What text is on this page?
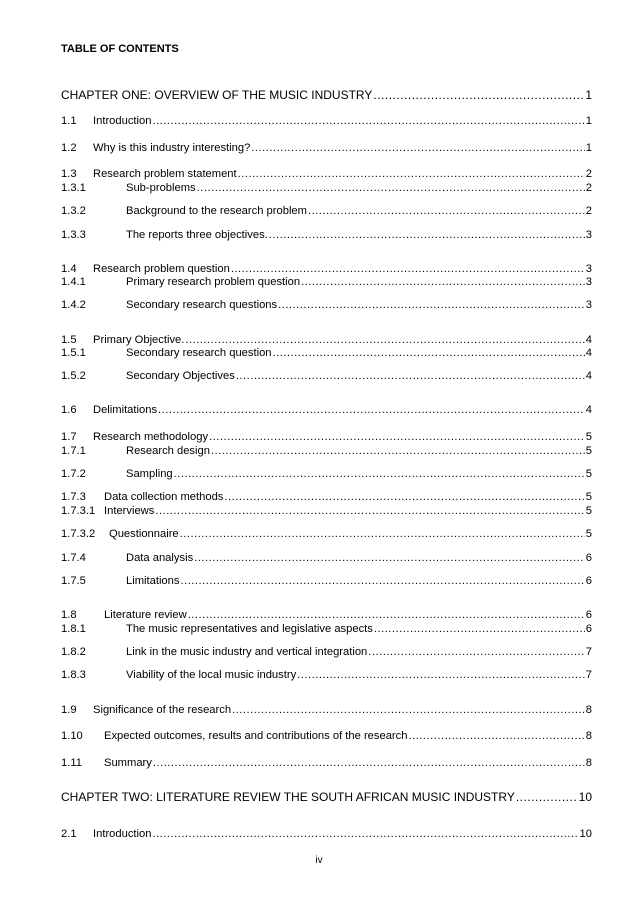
TABLE OF CONTENTS
CHAPTER ONE: OVERVIEW OF THE MUSIC INDUSTRY .....	1
1.1	Introduction .....	1
1.2	Why is this industry interesting? .....	1
1.3	Research problem statement .....	2
1.3.1	Sub-problems .....	2
1.3.2	Background to the research problem .....	2
1.3.3	The reports three objectives. .....	3
1.4	Research problem question .....	3
1.4.1	Primary research problem question .....	3
1.4.2	Secondary research questions .....	3
1.5	Primary Objective. .....	4
1.5.1	Secondary research question .....	4
1.5.2	Secondary Objectives .....	4
1.6	Delimitations .....	4
1.7	Research methodology .....	5
1.7.1	Research design .....	5
1.7.2	Sampling .....	5
1.7.3	Data collection methods .....	5
1.7.3.1 Interviews .....	5
1.7.3.2	Questionnaire .....	5
1.7.4	Data analysis .....	6
1.7.5	Limitations .....	6
1.8	Literature review .....	6
1.8.1	The music representatives and legislative aspects .....	6
1.8.2	Link in the music industry and vertical integration .....	7
1.8.3	Viability of the local music industry .....	7
1.9	Significance of the research .....	8
1.10	Expected outcomes, results and contributions of the research .....	8
1.11	Summary .....	8
CHAPTER TWO: LITERATURE REVIEW THE SOUTH AFRICAN MUSIC INDUSTRY .....	10
2.1	Introduction .....	10
iv
